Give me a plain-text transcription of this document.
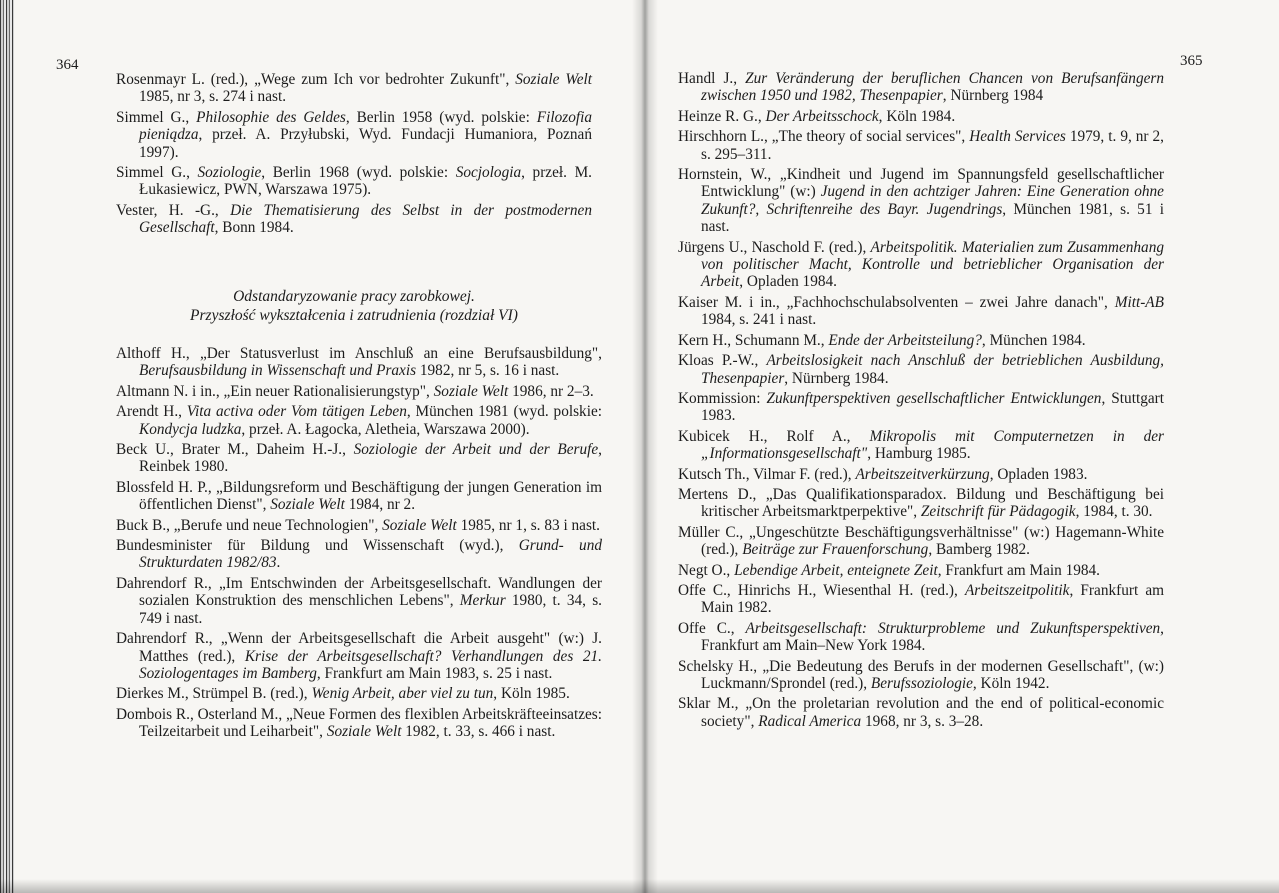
364
Rosenmayr L. (red.), „Wege zum Ich vor bedrohter Zukunft", Soziale Welt 1985, nr 3, s. 274 i nast.
Simmel G., Philosophie des Geldes, Berlin 1958 (wyd. polskie: Filozofia pieniądza, przeł. A. Przyłubski, Wyd. Fundacji Humaniora, Poznań 1997).
Simmel G., Soziologie, Berlin 1968 (wyd. polskie: Socjologia, przeł. M. Łukasiewicz, PWN, Warszawa 1975).
Vester, H. -G., Die Thematisierung des Selbst in der postmodernen Gesellschaft, Bonn 1984.
Odstandaryzowanie pracy zarobkowej.
Przyszłość wykształcenia i zatrudnienia (rozdział VI)
Althoff H., „Der Statusverlust im Anschluß an eine Berufsausbildung", Berufsausbildung in Wissenschaft und Praxis 1982, nr 5, s. 16 i nast.
Altmann N. i in., „Ein neuer Rationalisierungstyp", Soziale Welt 1986, nr 2–3.
Arendt H., Vita activa oder Vom tätigen Leben, München 1981 (wyd. polskie: Kondycja ludzka, przeł. A. Łagocka, Aletheia, Warszawa 2000).
Beck U., Brater M., Daheim H.-J., Soziologie der Arbeit und der Berufe, Reinbek 1980.
Blossfeld H. P., „Bildungsreform und Beschäftigung der jungen Generation im öffentlichen Dienst", Soziale Welt 1984, nr 2.
Buck B., „Berufe und neue Technologien", Soziale Welt 1985, nr 1, s. 83 i nast.
Bundesminister für Bildung und Wissenschaft (wyd.), Grund- und Strukturdaten 1982/83.
Dahrendorf R., „Im Entschwinden der Arbeitsgesellschaft. Wandlungen der sozialen Konstruktion des menschlichen Lebens", Merkur 1980, t. 34, s. 749 i nast.
Dahrendorf R., „Wenn der Arbeitsgesellschaft die Arbeit ausgeht" (w:) J. Matthes (red.), Krise der Arbeitsgesellschaft? Verhandlungen des 21. Soziologentages im Bamberg, Frankfurt am Main 1983, s. 25 i nast.
Dierkes M., Strümpel B. (red.), Wenig Arbeit, aber viel zu tun, Köln 1985.
Dombois R., Osterland M., „Neue Formen des flexiblen Arbeitskräfteeinsatzes: Teilzeitarbeit und Leiharbeit", Soziale Welt 1982, t. 33, s. 466 i nast.
365
Handl J., Zur Veränderung der beruflichen Chancen von Berufsanfängern zwischen 1950 und 1982, Thesenpapier, Nürnberg 1984
Heinze R. G., Der Arbeitsschock, Köln 1984.
Hirschhorn L., „The theory of social services", Health Services 1979, t. 9, nr 2, s. 295–311.
Hornstein, W., „Kindheit und Jugend im Spannungsfeld gesellschaftlicher Entwicklung" (w:) Jugend in den achtziger Jahren: Eine Generation ohne Zukunft?, Schriftenreihe des Bayr. Jugendrings, München 1981, s. 51 i nast.
Jürgens U., Naschold F. (red.), Arbeitspolitik. Materialien zum Zusammenhang von politischer Macht, Kontrolle und betrieblicher Organisation der Arbeit, Opladen 1984.
Kaiser M. i in., „Fachhochschulabsolventen – zwei Jahre danach", Mitt-AB 1984, s. 241 i nast.
Kern H., Schumann M., Ende der Arbeitsteilung?, München 1984.
Kloas P.-W., Arbeitslosigkeit nach Anschluß der betrieblichen Ausbildung, Thesenpapier, Nürnberg 1984.
Kommission: Zukunftperspektiven gesellschaftlicher Entwicklungen, Stuttgart 1983.
Kubicek H., Rolf A., Mikropolis mit Computernetzen in der „Informationsgesellschaft", Hamburg 1985.
Kutsch Th., Vilmar F. (red.), Arbeitszeitverkürzung, Opladen 1983.
Mertens D., „Das Qualifikationsparadox. Bildung und Beschäftigung bei kritischer Arbeitsmarktperpektive", Zeitschrift für Pädagogik, 1984, t. 30.
Müller C., „Ungeschützte Beschäftigungsverhältnisse" (w:) Hagemann-White (red.), Beiträge zur Frauenforschung, Bamberg 1982.
Negt O., Lebendige Arbeit, enteignete Zeit, Frankfurt am Main 1984.
Offe C., Hinrichs H., Wiesenthal H. (red.), Arbeitszeitpolitik, Frankfurt am Main 1982.
Offe C., Arbeitsgesellschaft: Strukturprobleme und Zukunftsperspektiven, Frankfurt am Main–New York 1984.
Schelsky H., „Die Bedeutung des Berufs in der modernen Gesellschaft", (w:) Luckmann/Sprondel (red.), Berufssoziologie, Köln 1942.
Sklar M., „On the proletarian revolution and the end of political-economic society", Radical America 1968, nr 3, s. 3–28.
